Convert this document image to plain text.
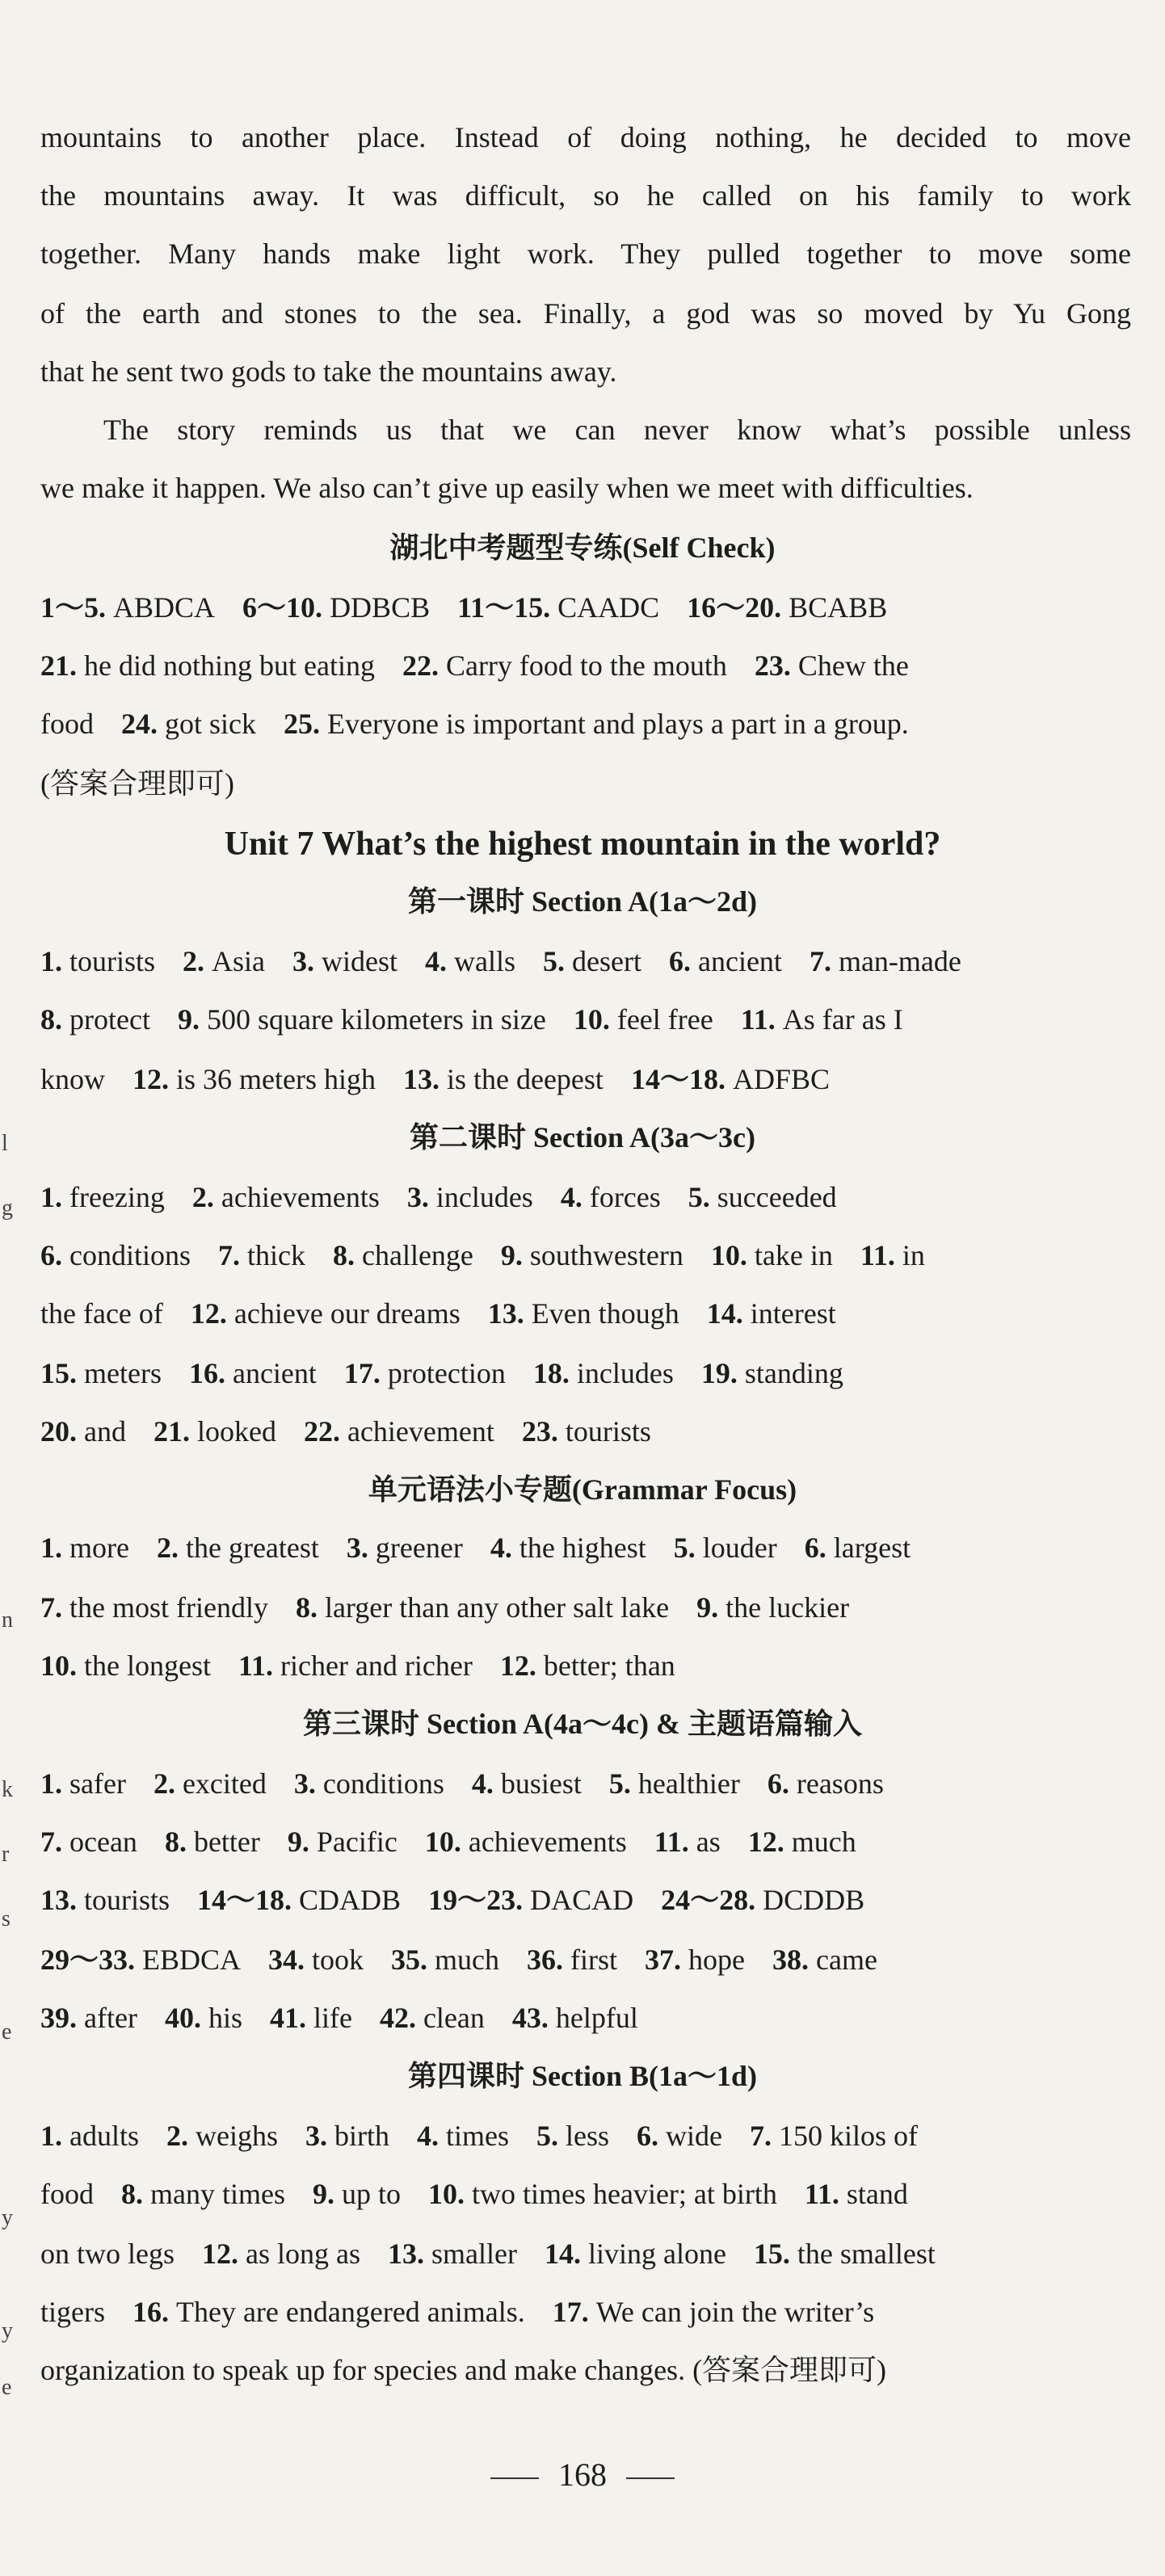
mountains to another place. Instead of doing nothing, he decided to move
the mountains away. It was difficult, so he called on his family to work
together. Many hands make light work. They pulled together to move some
of the earth and stones to the sea. Finally, a god was so moved by Yu Gong
that he sent two gods to take the mountains away.
The story reminds us that we can never know what’s possible unless
we make it happen. We also can’t give up easily when we meet with difficulties.
湖北中考题型专练(Self Check)
1～5. ABDCA 6～10. DDBCB 11～15. CAADC 16～20. BCABB
21. he did nothing but eating 22. Carry food to the mouth 23. Chew the
food 24. got sick 25. Everyone is important and plays a part in a group.
(答案合理即可)
Unit 7 What’s the highest mountain in the world?
第一课时 Section A(1a～2d)
1. tourists 2. Asia 3. widest 4. walls 5. desert 6. ancient 7. man-made
8. protect 9. 500 square kilometers in size 10. feel free 11. As far as I
know 12. is 36 meters high 13. is the deepest 14～18. ADFBC
第二课时 Section A(3a～3c)
1. freezing 2. achievements 3. includes 4. forces 5. succeeded
6. conditions 7. thick 8. challenge 9. southwestern 10. take in 11. in
the face of 12. achieve our dreams 13. Even though 14. interest
15. meters 16. ancient 17. protection 18. includes 19. standing
20. and 21. looked 22. achievement 23. tourists
单元语法小专题(Grammar Focus)
1. more 2. the greatest 3. greener 4. the highest 5. louder 6. largest
7. the most friendly 8. larger than any other salt lake 9. the luckier
10. the longest 11. richer and richer 12. better; than
第三课时 Section A(4a～4c) & 主题语篇输入
1. safer 2. excited 3. conditions 4. busiest 5. healthier 6. reasons
7. ocean 8. better 9. Pacific 10. achievements 11. as 12. much
13. tourists 14～18. CDADB 19～23. DACAD 24～28. DCDDB
29～33. EBDCA 34. took 35. much 36. first 37. hope 38. came
39. after 40. his 41. life 42. clean 43. helpful
第四课时 Section B(1a～1d)
1. adults 2. weighs 3. birth 4. times 5. less 6. wide 7. 150 kilos of
food 8. many times 9. up to 10. two times heavier; at birth 11. stand
on two legs 12. as long as 13. smaller 14. living alone 15. the smallest
tigers 16. They are endangered animals. 17. We can join the writer’s
organization to speak up for species and make changes. (答案合理即可)
168
l
g
n
k
r
s
e
y
y
e
